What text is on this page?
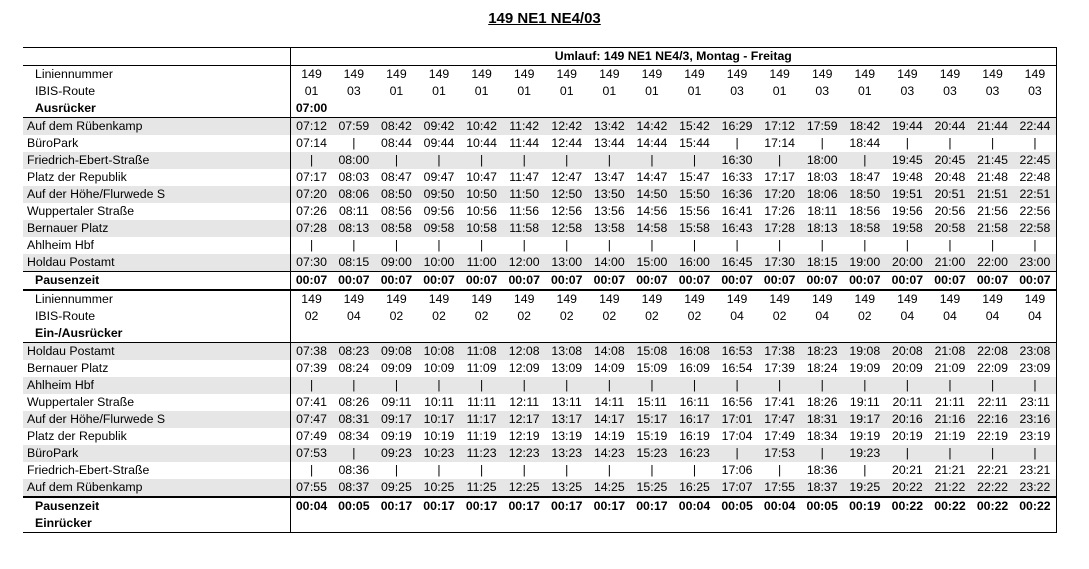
149 NE1 NE4/03
	Umlauf: 149 NE1 NE4/3, Montag - Freitag																	
Liniennummer	149	149	149	149	149	149	149	149	149	149	149	149	149	149	149	149	149	149
IBIS-Route	01	03	01	01	01	01	01	01	01	01	03	01	03	01	03	03	03	03
Ausrücker	07:00																	
Auf dem Rübenkamp	07:12	07:59	08:42	09:42	10:42	11:42	12:42	13:42	14:42	15:42	16:29	17:12	17:59	18:42	19:44	20:44	21:44	22:44
BüroPark	07:14	|	08:44	09:44	10:44	11:44	12:44	13:44	14:44	15:44	|	17:14	|	18:44	|	|	|	|
Friedrich-Ebert-Straße	|	08:00	|	|	|	|	|	|	|	|	16:30	|	18:00	|	19:45	20:45	21:45	22:45
Platz der Republik	07:17	08:03	08:47	09:47	10:47	11:47	12:47	13:47	14:47	15:47	16:33	17:17	18:03	18:47	19:48	20:48	21:48	22:48
Auf der Höhe/Flurwede S	07:20	08:06	08:50	09:50	10:50	11:50	12:50	13:50	14:50	15:50	16:36	17:20	18:06	18:50	19:51	20:51	21:51	22:51
Wuppertaler Straße	07:26	08:11	08:56	09:56	10:56	11:56	12:56	13:56	14:56	15:56	16:41	17:26	18:11	18:56	19:56	20:56	21:56	22:56
Bernauer Platz	07:28	08:13	08:58	09:58	10:58	11:58	12:58	13:58	14:58	15:58	16:43	17:28	18:13	18:58	19:58	20:58	21:58	22:58
Ahlheim Hbf	|	|	|	|	|	|	|	|	|	|	|	|	|	|	|	|	|	|
Holdau Postamt	07:30	08:15	09:00	10:00	11:00	12:00	13:00	14:00	15:00	16:00	16:45	17:30	18:15	19:00	20:00	21:00	22:00	23:00
Pausenzeit	00:07	00:07	00:07	00:07	00:07	00:07	00:07	00:07	00:07	00:07	00:07	00:07	00:07	00:07	00:07	00:07	00:07	00:07
Liniennummer	149	149	149	149	149	149	149	149	149	149	149	149	149	149	149	149	149	149
IBIS-Route	02	04	02	02	02	02	02	02	02	02	04	02	04	02	04	04	04	04
Ein-/Ausrücker																		
Holdau Postamt	07:38	08:23	09:08	10:08	11:08	12:08	13:08	14:08	15:08	16:08	16:53	17:38	18:23	19:08	20:08	21:08	22:08	23:08
Bernauer Platz	07:39	08:24	09:09	10:09	11:09	12:09	13:09	14:09	15:09	16:09	16:54	17:39	18:24	19:09	20:09	21:09	22:09	23:09
Ahlheim Hbf	|	|	|	|	|	|	|	|	|	|	|	|	|	|	|	|	|	|
Wuppertaler Straße	07:41	08:26	09:11	10:11	11:11	12:11	13:11	14:11	15:11	16:11	16:56	17:41	18:26	19:11	20:11	21:11	22:11	23:11
Auf der Höhe/Flurwede S	07:47	08:31	09:17	10:17	11:17	12:17	13:17	14:17	15:17	16:17	17:01	17:47	18:31	19:17	20:16	21:16	22:16	23:16
Platz der Republik	07:49	08:34	09:19	10:19	11:19	12:19	13:19	14:19	15:19	16:19	17:04	17:49	18:34	19:19	20:19	21:19	22:19	23:19
BüroPark	07:53	|	09:23	10:23	11:23	12:23	13:23	14:23	15:23	16:23	|	17:53	|	19:23	|	|	|	|
Friedrich-Ebert-Straße	|	08:36	|	|	|	|	|	|	|	|	17:06	|	18:36	|	20:21	21:21	22:21	23:21
Auf dem Rübenkamp	07:55	08:37	09:25	10:25	11:25	12:25	13:25	14:25	15:25	16:25	17:07	17:55	18:37	19:25	20:22	21:22	22:22	23:22
Pausenzeit	00:04	00:05	00:17	00:17	00:17	00:17	00:17	00:17	00:17	00:04	00:05	00:04	00:05	00:19	00:22	00:22	00:22	00:22
Einrücker																		
